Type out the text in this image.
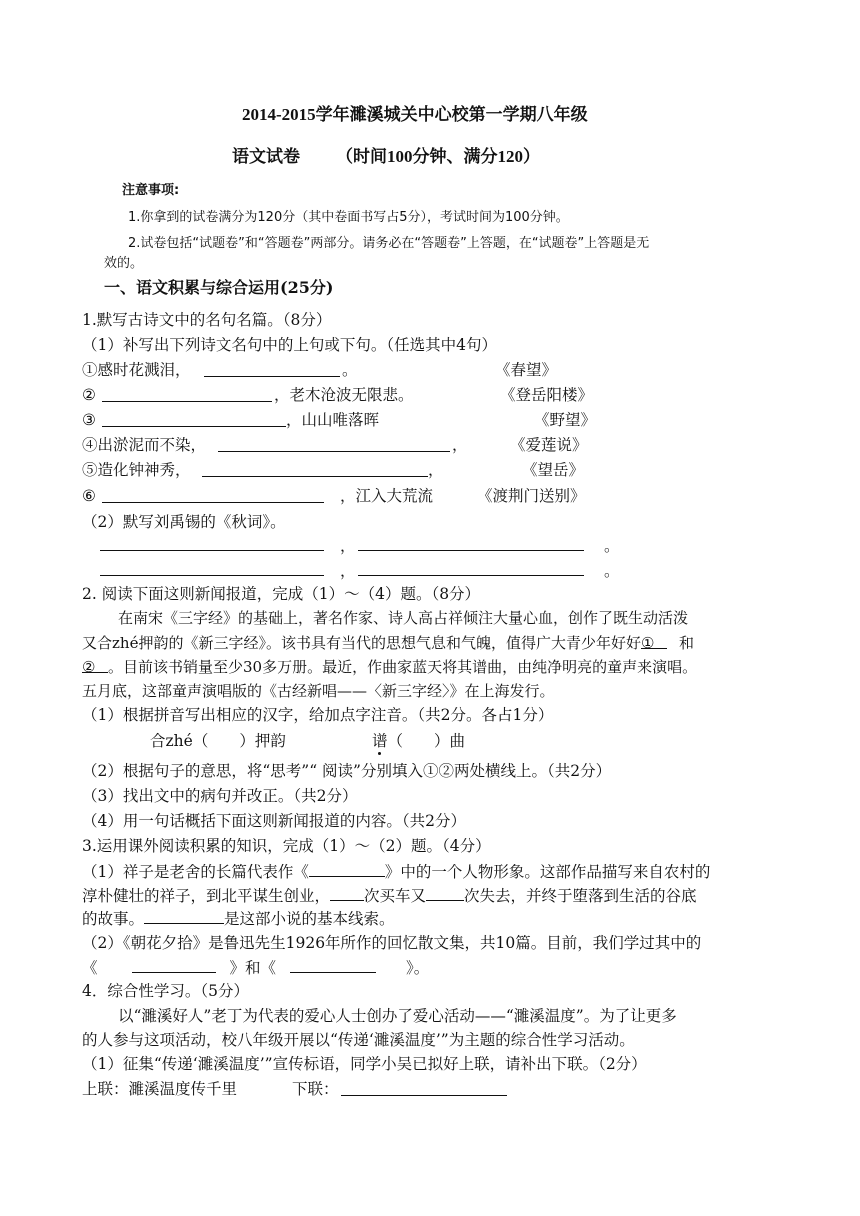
2014-2015学年濉溪城关中心校第一学期八年级
语文试卷 （时间100分钟、满分120）
注意事项:
1.你拿到的试卷满分为120分（其中卷面书写占5分），考试时间为100分钟。
2.试卷包括“试题卷”和“答题卷”两部分。请务必在“答题卷”上答题，在“试题卷”上答题是无
效的。
一、语文积累与综合运用(25分)
1.默写古诗文中的名句名篇。（8分）
（1）补写出下列诗文名句中的上句或下句。（任选其中4句）
①感时花溅泪，	。	《春望》
②	，老木沧波无限悲。	《登岳阳楼》
③	，山山唯落晖	《野望》
④出淤泥而不染，	，	《爱莲说》
⑤造化钟神秀，	，	《望岳》
⑥	，江入大荒流	《渡荆门送别》
（2）默写刘禹锡的《秋词》。
，	。
，	。
2. 阅读下面这则新闻报道，完成（1）～（4）题。（8分）
在南宋《三字经》的基础上，著名作家、诗人高占祥倾注大量心血，创作了既生动活泼
又合zhé押韵的《新三字经》。该书具有当代的思想气息和气魄，值得广大青少年好好① 和
② 。目前该书销量至少30多万册。最近，作曲家蓝天将其谱曲，由纯净明亮的童声来演唱。
五月底，这部童声演唱版的《古经新唱——〈新三字经〉》在上海发行。
（1）根据拼音写出相应的汉字，给加点字注音。（共2分。各占1分）
合zhé（　　）押韵	谱（　　）曲
（2）根据句子的意思，将“思考”“ 阅读”分别填入①②两处横线上。（共2分）
（3）找出文中的病句并改正。（共2分）
（4）用一句话概括下面这则新闻报道的内容。（共2分）
3.运用课外阅读积累的知识，完成（1）～（2）题。（4分）
（1）祥子是老舍的长篇代表作《	》中的一个人物形象。这部作品描写来自农村的
淳朴健壮的祥子，到北平谋生创业， 次买车又 次失去，并终于堕落到生活的谷底
的故事。	是这部小说的基本线索。
（2）《朝花夕拾》是鲁迅先生1926年所作的回忆散文集，共10篇。目前，我们学过其中的
《	》和《	》。
4．综合性学习。（5分）
以“濉溪好人”老丁为代表的爱心人士创办了爱心活动——“濉溪温度”。为了让更多
的人参与这项活动，校八年级开展以“传递‘濉溪温度’”为主题的综合性学习活动。
（1）征集“传递‘濉溪温度’”宣传标语，同学小吴已拟好上联，请补出下联。（2分）
上联：濉溪温度传千里	下联：
